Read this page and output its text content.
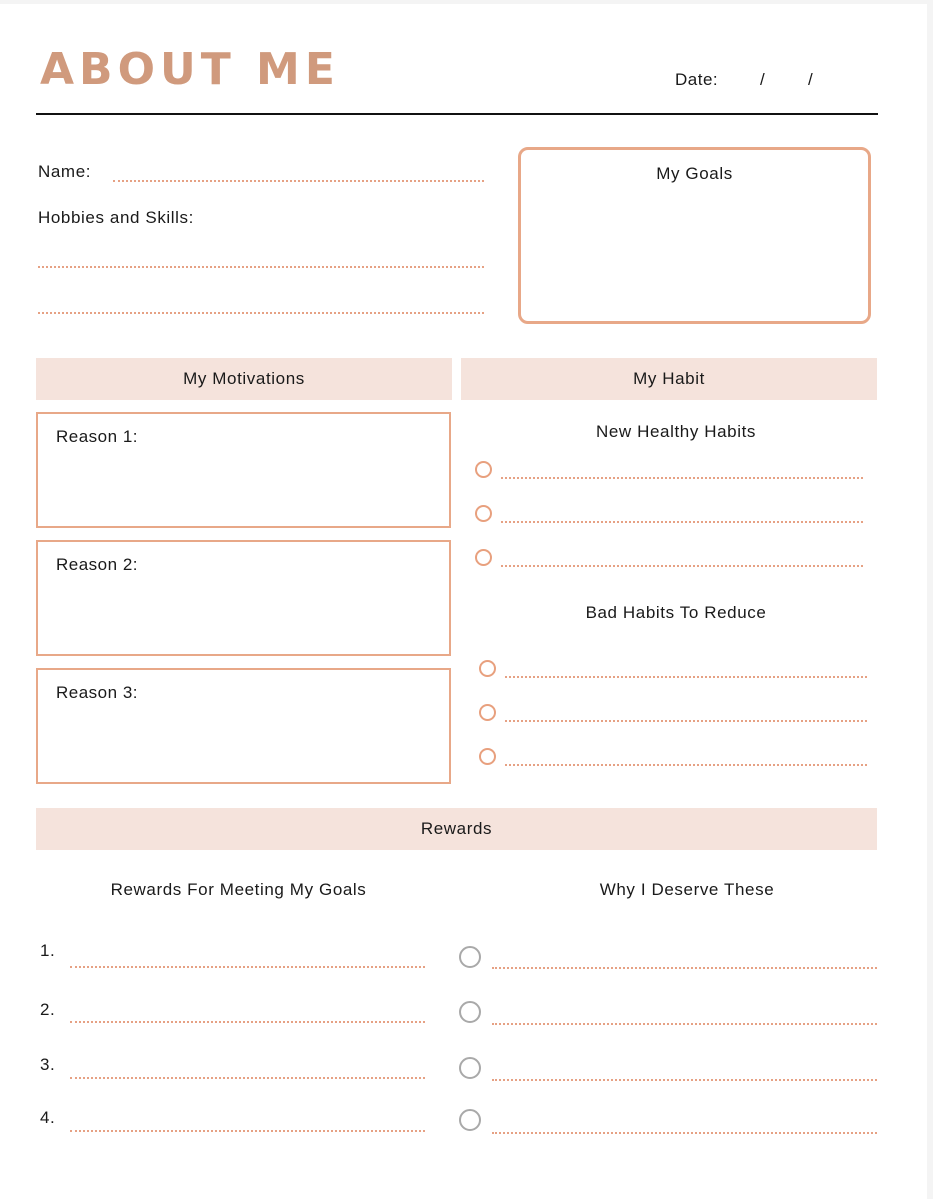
ABOUT ME	Date: /	/
Name:
Hobbies and Skills:
My Goals
My Motivations	My Habit
Reason 1:
Reason 2:
Reason 3:
New Healthy Habits
Bad Habits To Reduce
Rewards
Rewards For Meeting My Goals	Why I Deserve These
1.
2.
3.
4.
